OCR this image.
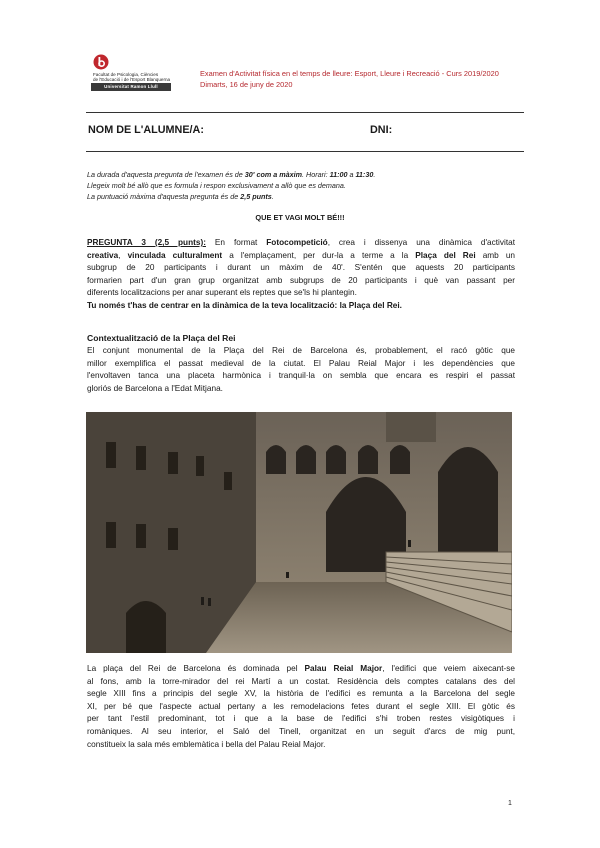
Facultat de Psicologia, Ciències
de l'Educació i de l'Esport Blanquerna
Universitat Ramon Llull
Examen d'Activitat física en el temps de lleure: Esport, Lleure i Recreació - Curs 2019/2020
Dimarts, 16 de juny de 2020
NOM DE L'ALUMNE/A:	DNI:
La durada d'aquesta pregunta de l'examen és de 30' com a màxim. Horari: 11:00 a 11:30.
Llegeix molt bé allò que es formula i respon exclusivament a allò que es demana.
La puntuació màxima d'aquesta pregunta és de 2,5 punts.
QUE ET VAGI MOLT BÉ!!!
PREGUNTA 3 (2,5 punts): En format Fotocompetició, crea i dissenya una dinàmica d'activitat
creativa, vinculada culturalment a l'emplaçament, per dur-la a terme a la Plaça del Rei amb un
subgrup de 20 participants i durant un màxim de 40'. S'entén que aquests 20 participants
formarien part d'un gran grup organitzat amb subgrups de 20 participants i què van passant per
diferents localitzacions per anar superant els reptes que se'ls hi plantegin.
Tu només t'has de centrar en la dinàmica de la teva localització: la Plaça del Rei.
Contextualització de la Plaça del Rei
El conjunt monumental de la Plaça del Rei de Barcelona és, probablement, el racó gòtic que
millor exemplifica el passat medieval de la ciutat. El Palau Reial Major i les dependències que
l'envoltaven tanca una placeta harmònica i tranquil·la on sembla que encara es respiri el passat
gloriós de Barcelona a l'Edat Mitjana.
La plaça del Rei de Barcelona és dominada pel Palau Reial Major, l'edifici que veiem aixecant-se
al fons, amb la torre-mirador del rei Martí a un costat. Residència dels comptes catalans des del
segle XIII fins a principis del segle XV, la història de l'edifici es remunta a la Barcelona del segle
XI, per bé que l'aspecte actual pertany a les remodelacions fetes durant el segle XIII. El gòtic és
per tant l'estil predominant, tot i que a la base de l'edifici s'hi troben restes visigòtiques i
romàniques. Al seu interior, el Saló del Tinell, organitzat en un seguit d'arcs de mig punt,
constitueix la sala més emblemàtica i bella del Palau Reial Major.
1
